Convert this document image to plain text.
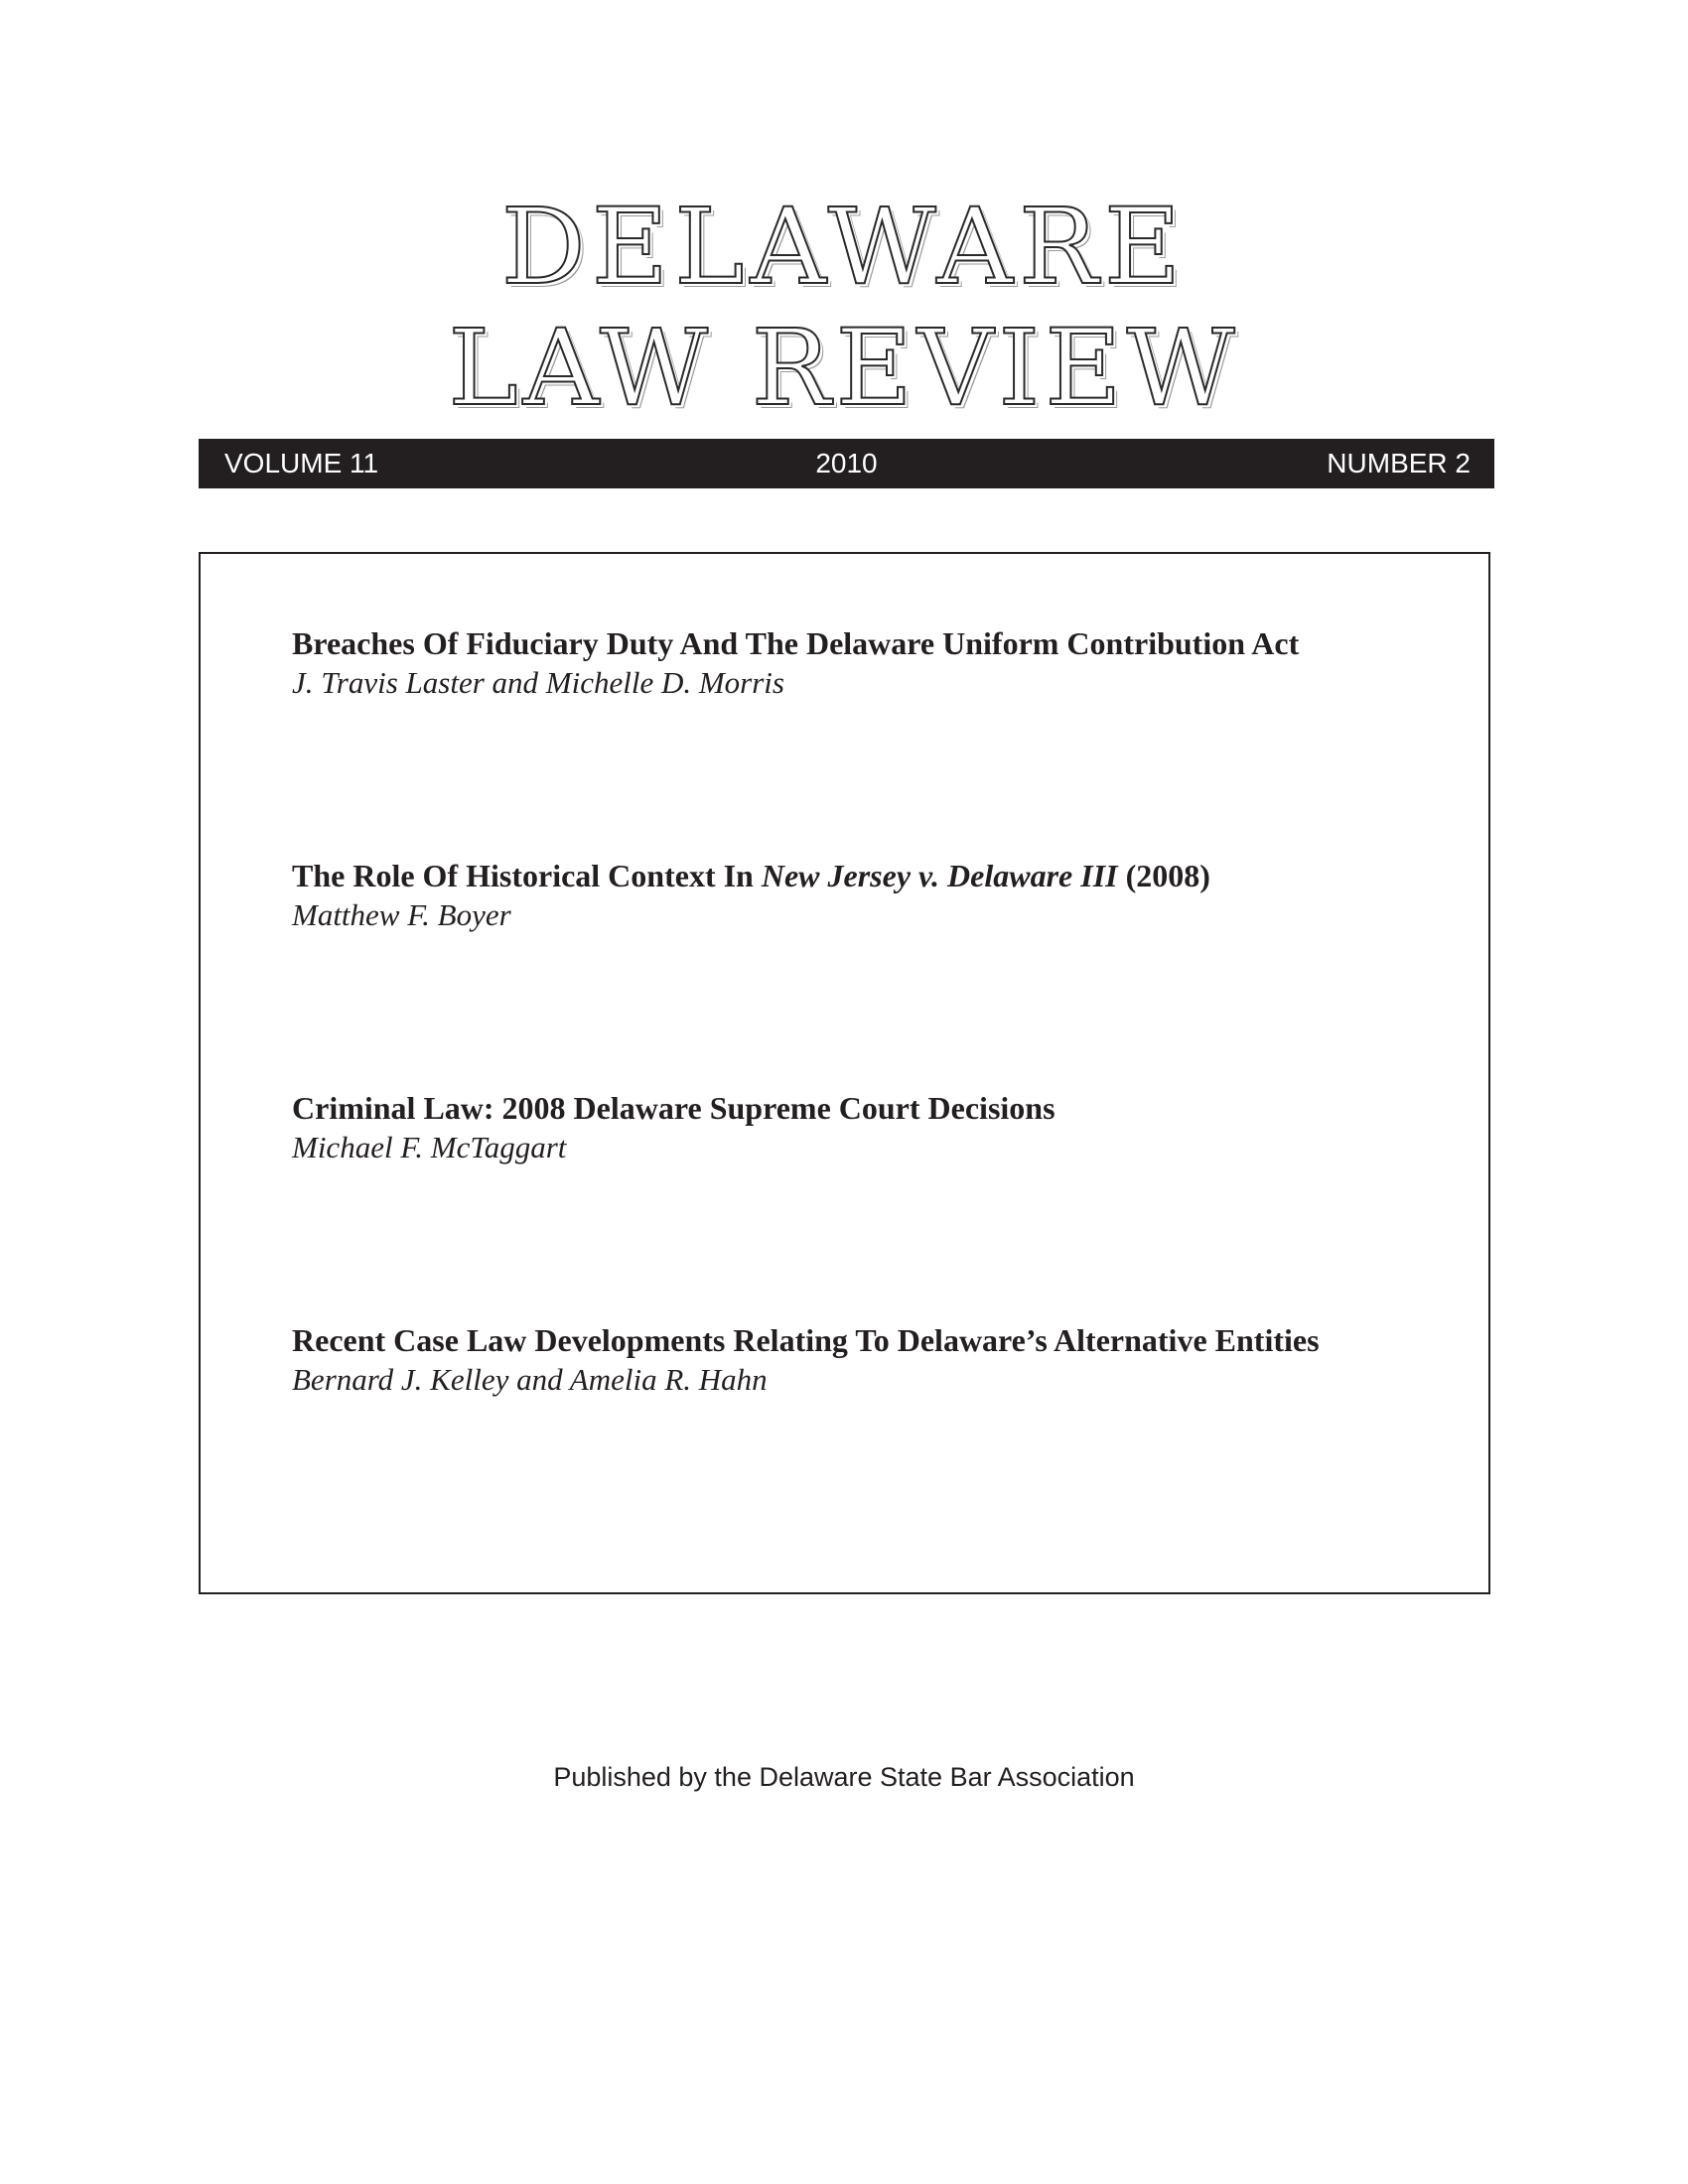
DELAWARE
LAW REVIEW
VOLUME 11	2010	NUMBER 2
Breaches Of Fiduciary Duty And The Delaware Uniform Contribution Act
J. Travis Laster and Michelle D. Morris
The Role Of Historical Context In New Jersey v. Delaware III (2008)
Matthew F. Boyer
Criminal Law: 2008 Delaware Supreme Court Decisions
Michael F. McTaggart
Recent Case Law Developments Relating To Delaware’s Alternative Entities
Bernard J. Kelley and Amelia R. Hahn

Published by the Delaware State Bar Association
